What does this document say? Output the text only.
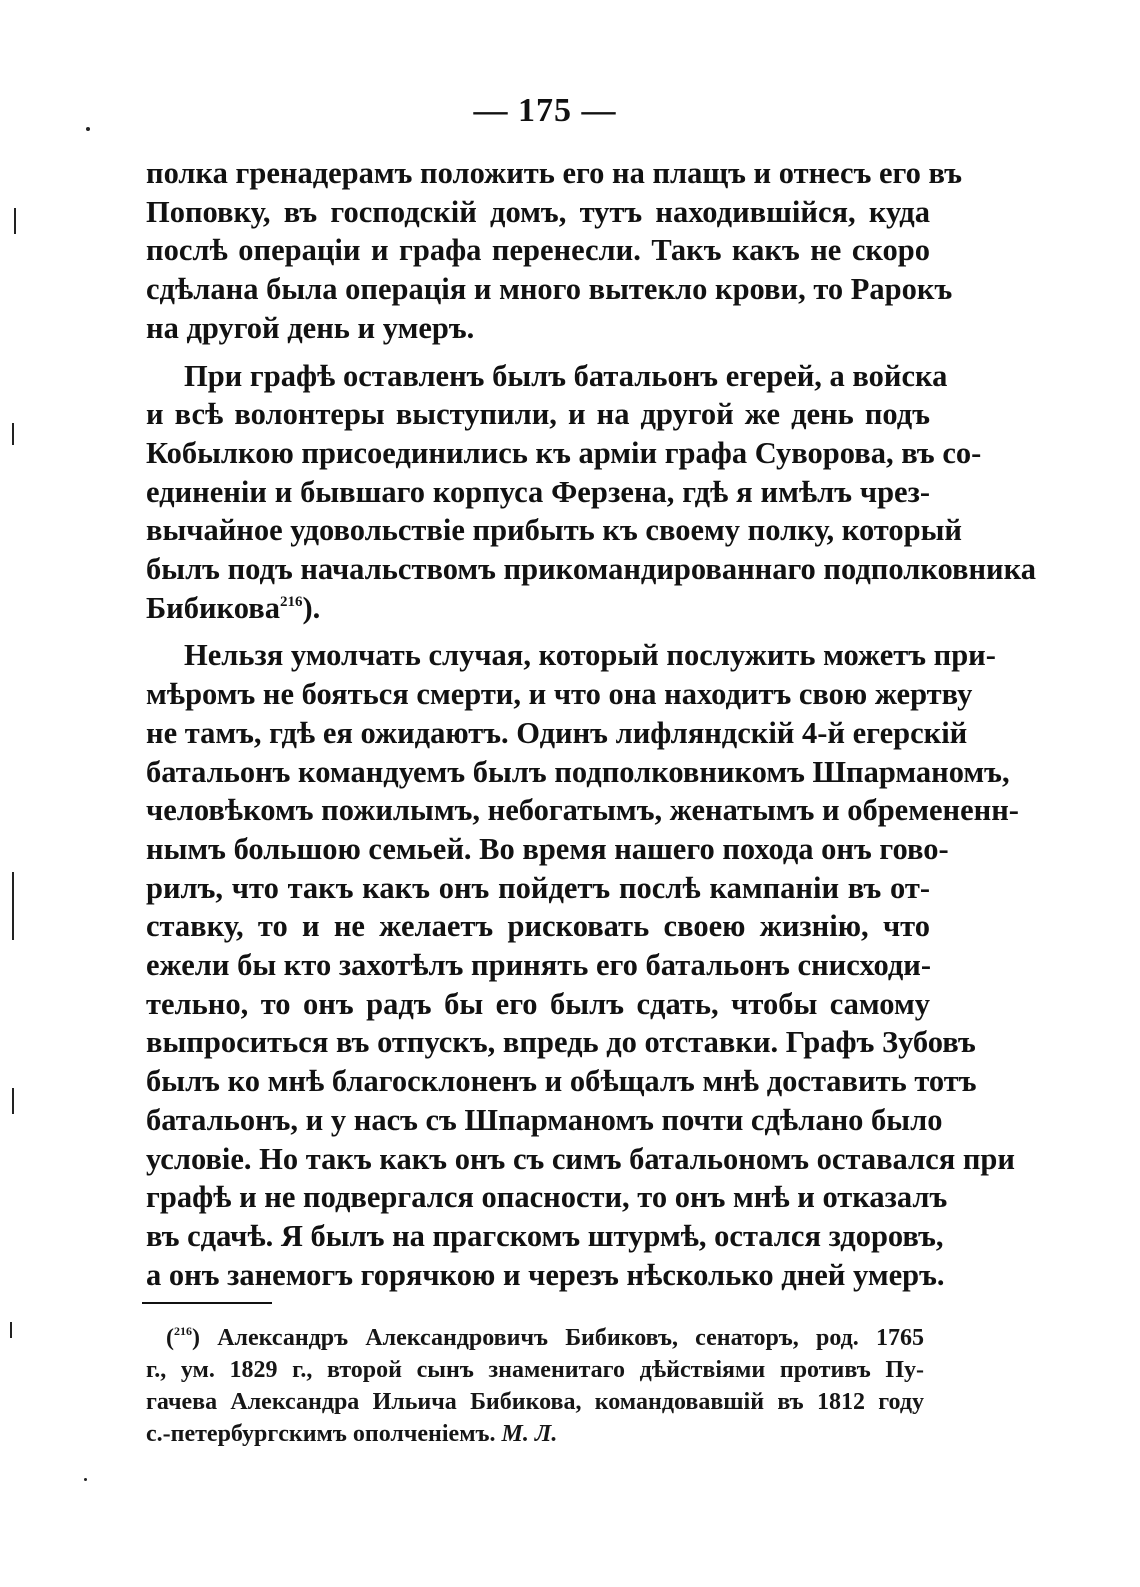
— 175 —
полка гренадерамъ положить его на плащъ и отнесъ его въ
Поповку, въ господскій домъ, тутъ находившійся, куда
послѣ операціи и графа перенесли. Такъ какъ не скоро
сдѣлана была операція и много вытекло крови, то Рарокъ
на другой день и умеръ.
При графѣ оставленъ былъ батальонъ егерей, а войска
и всѣ волонтеры выступили, и на другой же день подъ
Кобылкою присоединились къ арміи графа Суворова, въ со-
единеніи и бывшаго корпуса Ферзена, гдѣ я имѣлъ чрез-
вычайное удовольствіе прибыть къ своему полку, который
былъ подъ начальствомъ прикомандированнаго подполковника
Бибикова$^{216}$).
Нельзя умолчать случая, который послужить можетъ при-
мѣромъ не бояться смерти, и что она находитъ свою жертву
не тамъ, гдѣ ея ожидаютъ. Одинъ лифляндскій 4-й егерскій
батальонъ командуемъ былъ подполковникомъ Шпарманомъ,
человѣкомъ пожилымъ, небогатымъ, женатымъ и обремененн-
нымъ большою семьей. Во время нашего похода онъ гово-
рилъ, что такъ какъ онъ пойдетъ послѣ кампаніи въ от-
ставку, то и не желаетъ рисковать своею жизнію, что
ежели бы кто захотѣлъ принять его батальонъ снисходи-
тельно, то онъ радъ бы его былъ сдать, чтобы самому
выпроситься въ отпускъ, впредь до отставки. Графъ Зубовъ
былъ ко мнѣ благосклоненъ и обѣщалъ мнѣ доставить тотъ
батальонъ, и у насъ съ Шпарманомъ почти сдѣлано было
условіе. Но такъ какъ онъ съ симъ батальономъ оставался при
графѣ и не подвергался опасности, то онъ мнѣ и отказалъ
въ сдачѣ. Я былъ на прагскомъ штурмѣ, остался здоровъ,
а онъ занемогъ горячкою и черезъ нѣсколько дней умеръ.
($^{216}$) Александръ Александровичъ Бибиковъ, сенаторъ, род. 1765
г., ум. 1829 г., второй сынъ знаменитаго дѣйствіями противъ Пу-
гачева Александра Ильича Бибикова, командовавшій въ 1812 году
с.-петербургскимъ ополченіемъ. М. Л.
